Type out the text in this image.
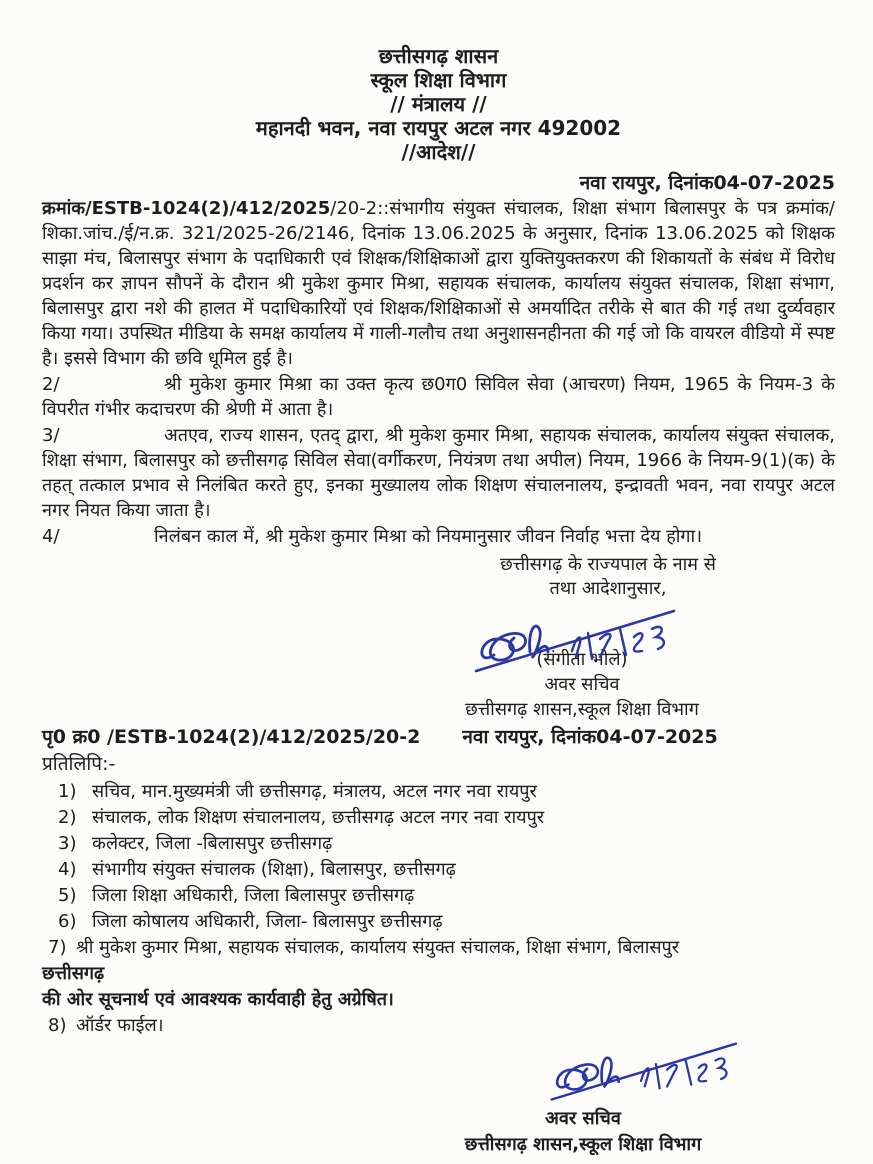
छत्तीसगढ़ शासन
स्कूल शिक्षा विभाग
// मंत्रालय //
महानदी भवन, नवा रायपुर अटल नगर 492002
//आदेश//
नवा रायपुर, दिनांक04-07-2025

क्रमांक/ESTB-1024(2)/412/2025/20-2::संभागीय संयुक्त संचालक, शिक्षा संभाग बिलासपुर के पत्र क्रमांक/शिका.जांच./ई/न.क्र. 321/2025-26/2146, दिनांक 13.06.2025 के अनुसार, दिनांक 13.06.2025 को शिक्षक साझा मंच, बिलासपुर संभाग के पदाधिकारी एवं शिक्षक/शिक्षिकाओं द्वारा युक्तियुक्तकरण की शिकायतों के संबंध में विरोध प्रदर्शन कर ज्ञापन सौपनें के दौरान श्री मुकेश कुमार मिश्रा, सहायक संचालक, कार्यालय संयुक्त संचालक, शिक्षा संभाग, बिलासपुर द्वारा नशे की हालत में पदाधिकारियों एवं शिक्षक/शिक्षिकाओं से अमर्यादित तरीके से बात की गई तथा दुर्व्यवहार किया गया। उपस्थित मीडिया के समक्ष कार्यालय में गाली-गलौच तथा अनुशासनहीनता की गई जो कि वायरल वीडियो में स्पष्ट है। इससे विभाग की छवि धूमिल हुई है।

2/	श्री मुकेश कुमार मिश्रा का उक्त कृत्य छ0ग0 सिविल सेवा (आचरण) नियम, 1965 के नियम-3 के विपरीत गंभीर कदाचरण की श्रेणी में आता है।

3/	अतएव, राज्य शासन, एतद् द्वारा, श्री मुकेश कुमार मिश्रा, सहायक संचालक, कार्यालय संयुक्त संचालक, शिक्षा संभाग, बिलासपुर को छत्तीसगढ़ सिविल सेवा(वर्गीकरण, नियंत्रण तथा अपील) नियम, 1966 के नियम-9(1)(क) के तहत् तत्काल प्रभाव से निलंबित करते हुए, इनका मुख्यालय लोक शिक्षण संचालनालय, इन्द्रावती भवन, नवा रायपुर अटल नगर नियत किया जाता है।

4/	निलंबन काल में, श्री मुकेश कुमार मिश्रा को नियमानुसार जीवन निर्वाह भत्ता देय होगा।

छत्तीसगढ़ के राज्यपाल के नाम से
तथा आदेशानुसार,
(संगीता भोले)
अवर सचिव
छत्तीसगढ़ शासन,स्कूल शिक्षा विभाग
पृ0 क्र0 /ESTB-1024(2)/412/2025/20-2 नवा रायपुर, दिनांक04-07-2025
प्रतिलिपि:-
1) सचिव, मान.मुख्यमंत्री जी छत्तीसगढ़, मंत्रालय, अटल नगर नवा रायपुर
2) संचालक, लोक शिक्षण संचालनालय, छत्तीसगढ़ अटल नगर नवा रायपुर
3) कलेक्टर, जिला -बिलासपुर छत्तीसगढ़
4) संभागीय संयुक्त संचालक (शिक्षा), बिलासपुर, छत्तीसगढ़
5) जिला शिक्षा अधिकारी, जिला बिलासपुर छत्तीसगढ़
6) जिला कोषालय अधिकारी, जिला- बिलासपुर छत्तीसगढ़
7) श्री मुकेश कुमार मिश्रा, सहायक संचालक, कार्यालय संयुक्त संचालक, शिक्षा संभाग, बिलासपुर
छत्तीसगढ़
की ओर सूचनार्थ एवं आवश्यक कार्यवाही हेतु अग्रेषित।
8) ऑर्डर फाईल।
अवर सचिव
छत्तीसगढ़ शासन,स्कूल शिक्षा विभाग
